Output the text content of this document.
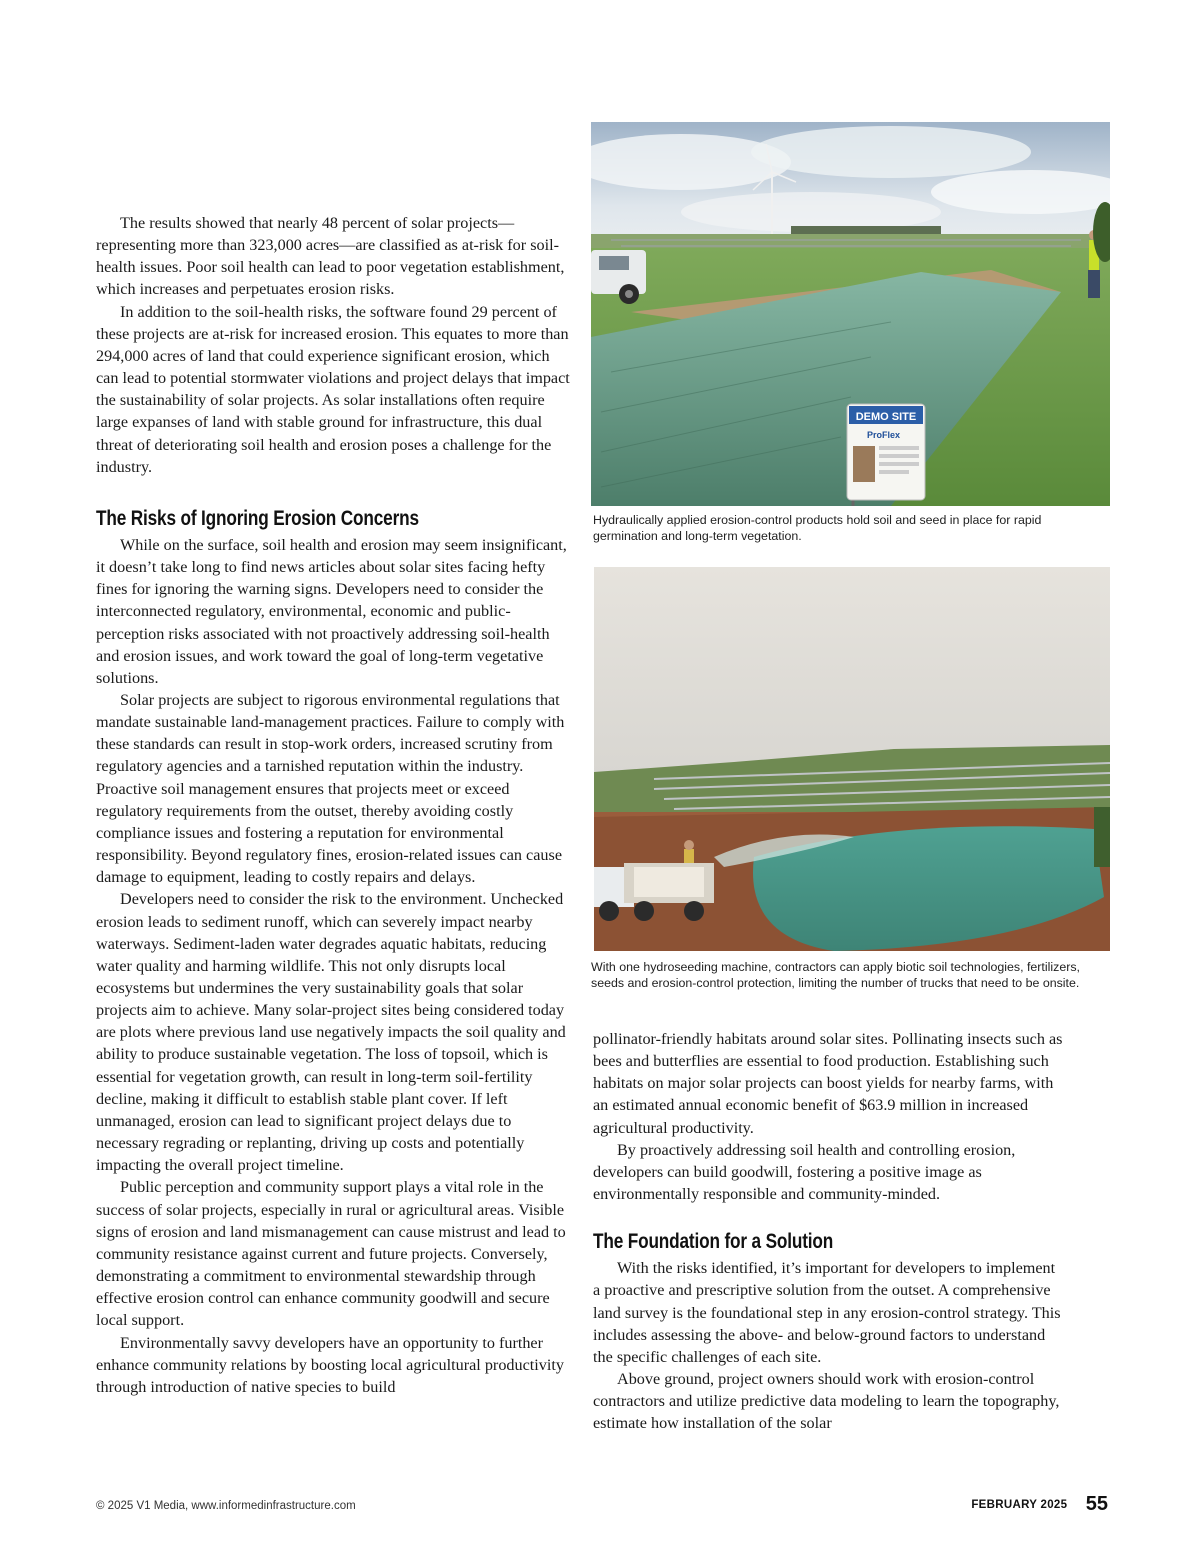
The results showed that nearly 48 percent of solar projects—representing more than 323,000 acres—are classified as at-risk for soil-health issues. Poor soil health can lead to poor vegetation establishment, which increases and perpetuates erosion risks.

In addition to the soil-health risks, the software found 29 percent of these projects are at-risk for increased erosion. This equates to more than 294,000 acres of land that could experience significant erosion, which can lead to potential stormwater violations and project delays that impact the sustainability of solar projects. As solar installations often require large expanses of land with stable ground for infrastructure, this dual threat of deteriorating soil health and erosion poses a challenge for the industry.

The Risks of Ignoring Erosion Concerns

While on the surface, soil health and erosion may seem insignificant, it doesn’t take long to find news articles about solar sites facing hefty fines for ignoring the warning signs. Developers need to consider the interconnected regulatory, environmental, economic and public-perception risks associated with not proactively addressing soil-health and erosion issues, and work toward the goal of long-term vegetative solutions.

Solar projects are subject to rigorous environmental regulations that mandate sustainable land-management practices. Failure to comply with these standards can result in stop-work orders, increased scrutiny from regulatory agencies and a tarnished reputation within the industry. Proactive soil management ensures that projects meet or exceed regulatory requirements from the outset, thereby avoiding costly compliance issues and fostering a reputation for environmental responsibility. Beyond regulatory fines, erosion-related issues can cause damage to equipment, leading to costly repairs and delays.

Developers need to consider the risk to the environment. Unchecked erosion leads to sediment runoff, which can severely impact nearby waterways. Sediment-laden water degrades aquatic habitats, reducing water quality and harming wildlife. This not only disrupts local ecosystems but undermines the very sustainability goals that solar projects aim to achieve. Many solar-project sites being considered today are plots where previous land use negatively impacts the soil quality and ability to produce sustainable vegetation. The loss of topsoil, which is essential for vegetation growth, can result in long-term soil-fertility decline, making it difficult to establish stable plant cover. If left unmanaged, erosion can lead to significant project delays due to necessary regrading or replanting, driving up costs and potentially impacting the overall project timeline.

Public perception and community support plays a vital role in the success of solar projects, especially in rural or agricultural areas. Visible signs of erosion and land mismanagement can cause mistrust and lead to community resistance against current and future projects. Conversely, demonstrating a commitment to environmental stewardship through effective erosion control can enhance community goodwill and secure local support.

Environmentally savvy developers have an opportunity to further enhance community relations by boosting local agricultural productivity through introduction of native species to build

DEMO SITE
ProFlex
Hydraulically applied erosion-control products hold soil and seed in place for rapid germination and long-term vegetation.
With one hydroseeding machine, contractors can apply biotic soil technologies, fertilizers, seeds and erosion-control protection, limiting the number of trucks that need to be onsite.

pollinator-friendly habitats around solar sites. Pollinating insects such as bees and butterflies are essential to food production. Establishing such habitats on major solar projects can boost yields for nearby farms, with an estimated annual economic benefit of $63.9 million in increased agricultural productivity.

By proactively addressing soil health and controlling erosion, developers can build goodwill, fostering a positive image as environmentally responsible and community-minded.

The Foundation for a Solution

With the risks identified, it’s important for developers to implement a proactive and prescriptive solution from the outset. A comprehensive land survey is the foundational step in any erosion-control strategy. This includes assessing the above- and below-ground factors to understand the specific challenges of each site.

Above ground, project owners should work with erosion-control contractors and utilize predictive data modeling to learn the topography, estimate how installation of the solar

© 2025 V1 Media, www.informedinfrastructure.com	FEBRUARY 2025 55
